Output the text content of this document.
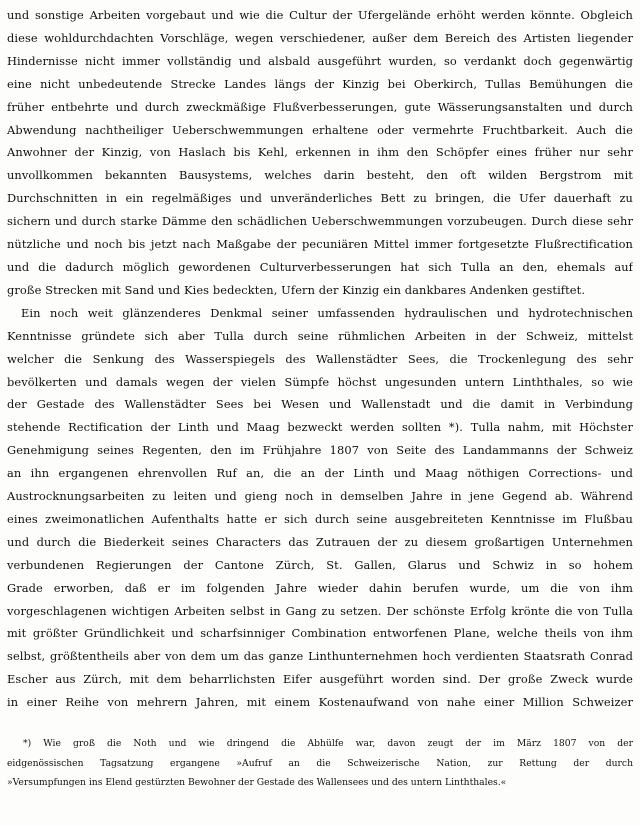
und sonstige Arbeiten vorgebaut und wie die Cultur der Ufergelände erhöht werden könnte. Obgleich
diese wohldurchdachten Vorschläge, wegen verschiedener, außer dem Bereich des Artisten liegender
Hindernisse nicht immer vollständig und alsbald ausgeführt wurden, so verdankt doch gegenwärtig
eine nicht unbedeutende Strecke Landes längs der Kinzig bei Oberkirch, Tullas Bemühungen die
früher entbehrte und durch zweckmäßige Flußverbesserungen, gute Wässerungsanstalten und durch
Abwendung nachtheiliger Ueberschwemmungen erhaltene oder vermehrte Fruchtbarkeit. Auch die
Anwohner der Kinzig, von Haslach bis Kehl, erkennen in ihm den Schöpfer eines früher nur sehr
unvollkommen bekannten Bausystems, welches darin besteht, den oft wilden Bergstrom mit
Durchschnitten in ein regelmäßiges und unveränderliches Bett zu bringen, die Ufer dauerhaft zu
sichern und durch starke Dämme den schädlichen Ueberschwemmungen vorzubeugen. Durch diese sehr
nützliche und noch bis jetzt nach Maßgabe der pecuniären Mittel immer fortgesetzte Flußrectification
und die dadurch möglich gewordenen Culturverbesserungen hat sich Tulla an den, ehemals auf
große Strecken mit Sand und Kies bedeckten, Ufern der Kinzig ein dankbares Andenken gestiftet.
Ein noch weit glänzenderes Denkmal seiner umfassenden hydraulischen und hydrotechnischen
Kenntnisse gründete sich aber Tulla durch seine rühmlichen Arbeiten in der Schweiz, mittelst
welcher die Senkung des Wasserspiegels des Wallenstädter Sees, die Trockenlegung des sehr
bevölkerten und damals wegen der vielen Sümpfe höchst ungesunden untern Linththales, so wie
der Gestade des Wallenstädter Sees bei Wesen und Wallenstadt und die damit in Verbindung
stehende Rectification der Linth und Maag bezweckt werden sollten *). Tulla nahm, mit Höchster
Genehmigung seines Regenten, den im Frühjahre 1807 von Seite des Landammanns der Schweiz
an ihn ergangenen ehrenvollen Ruf an, die an der Linth und Maag nöthigen Corrections- und
Austrocknungsarbeiten zu leiten und gieng noch in demselben Jahre in jene Gegend ab. Während
eines zweimonatlichen Aufenthalts hatte er sich durch seine ausgebreiteten Kenntnisse im Flußbau
und durch die Biederkeit seines Characters das Zutrauen der zu diesem großartigen Unternehmen
verbundenen Regierungen der Cantone Zürch, St. Gallen, Glarus und Schwiz in so hohem
Grade erworben, daß er im folgenden Jahre wieder dahin berufen wurde, um die von ihm
vorgeschlagenen wichtigen Arbeiten selbst in Gang zu setzen. Der schönste Erfolg krönte die von Tulla
mit größter Gründlichkeit und scharfsinniger Combination entworfenen Plane, welche theils von ihm
selbst, größtentheils aber von dem um das ganze Linthunternehmen hoch verdienten Staatsrath Conrad
Escher aus Zürch, mit dem beharrlichsten Eifer ausgeführt worden sind. Der große Zweck wurde
in einer Reihe von mehrern Jahren, mit einem Kostenaufwand von nahe einer Million Schweizer
*) Wie groß die Noth und wie dringend die Abhülfe war, davon zeugt der im März 1807 von der
eidgenössischen Tagsatzung ergangene »Aufruf an die Schweizerische Nation, zur Rettung der durch
»Versumpfungen ins Elend gestürzten Bewohner der Gestade des Wallensees und des untern Linththales.«
